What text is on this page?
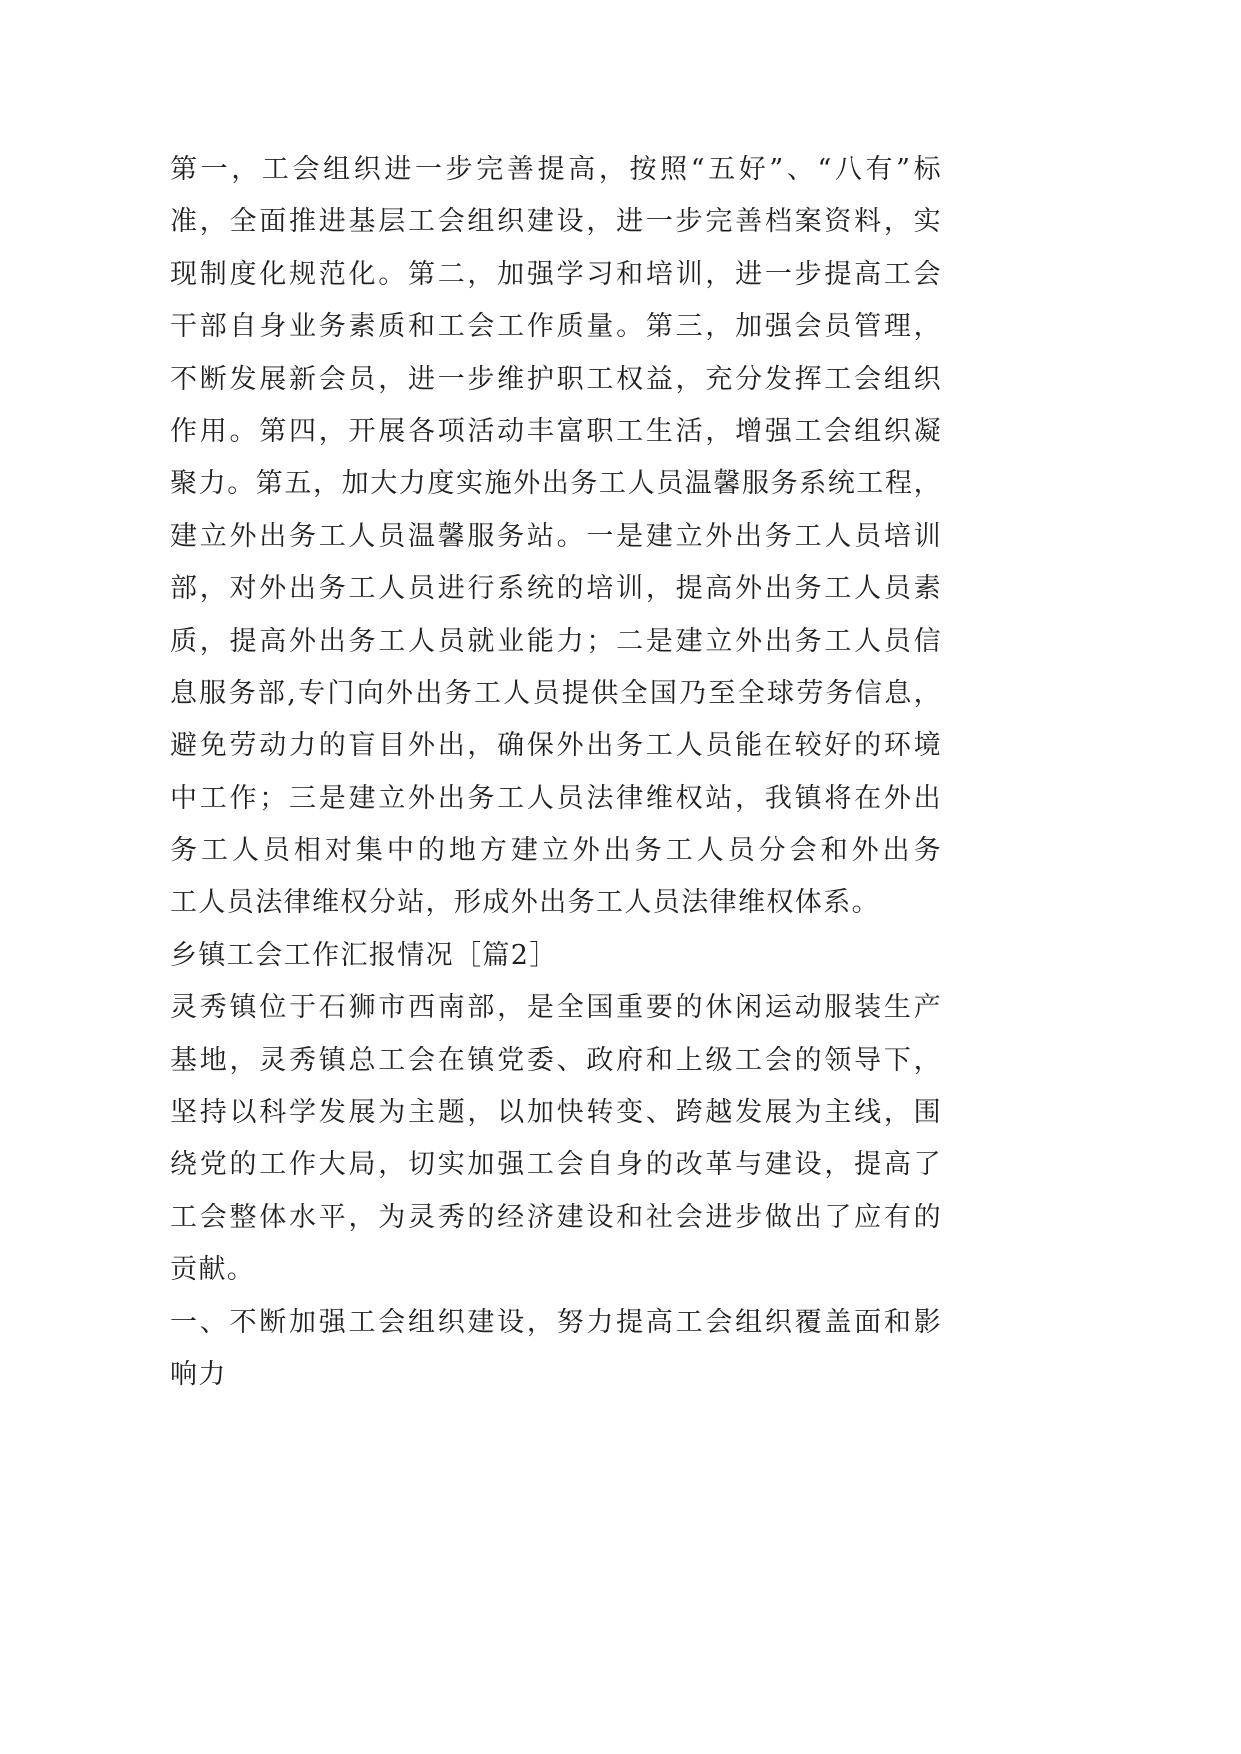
第一，工会组织进一步完善提高，按照“五好”、“八有”标
准，全面推进基层工会组织建设，进一步完善档案资料，实
现制度化规范化。第二，加强学习和培训，进一步提高工会
干部自身业务素质和工会工作质量。第三，加强会员管理，
不断发展新会员，进一步维护职工权益，充分发挥工会组织
作用。第四，开展各项活动丰富职工生活，增强工会组织凝
聚力。第五，加大力度实施外出务工人员温馨服务系统工程，
建立外出务工人员温馨服务站。一是建立外出务工人员培训
部，对外出务工人员进行系统的培训，提高外出务工人员素
质，提高外出务工人员就业能力；二是建立外出务工人员信
息服务部,专门向外出务工人员提供全国乃至全球劳务信息，
避免劳动力的盲目外出，确保外出务工人员能在较好的环境
中工作；三是建立外出务工人员法律维权站，我镇将在外出
务工人员相对集中的地方建立外出务工人员分会和外出务
工人员法律维权分站，形成外出务工人员法律维权体系。
乡镇工会工作汇报情况［篇2］
灵秀镇位于石狮市西南部，是全国重要的休闲运动服装生产
基地，灵秀镇总工会在镇党委、政府和上级工会的领导下，
坚持以科学发展为主题，以加快转变、跨越发展为主线，围
绕党的工作大局，切实加强工会自身的改革与建设，提高了
工会整体水平，为灵秀的经济建设和社会进步做出了应有的
贡献。
一、不断加强工会组织建设，努力提高工会组织覆盖面和影
响力
